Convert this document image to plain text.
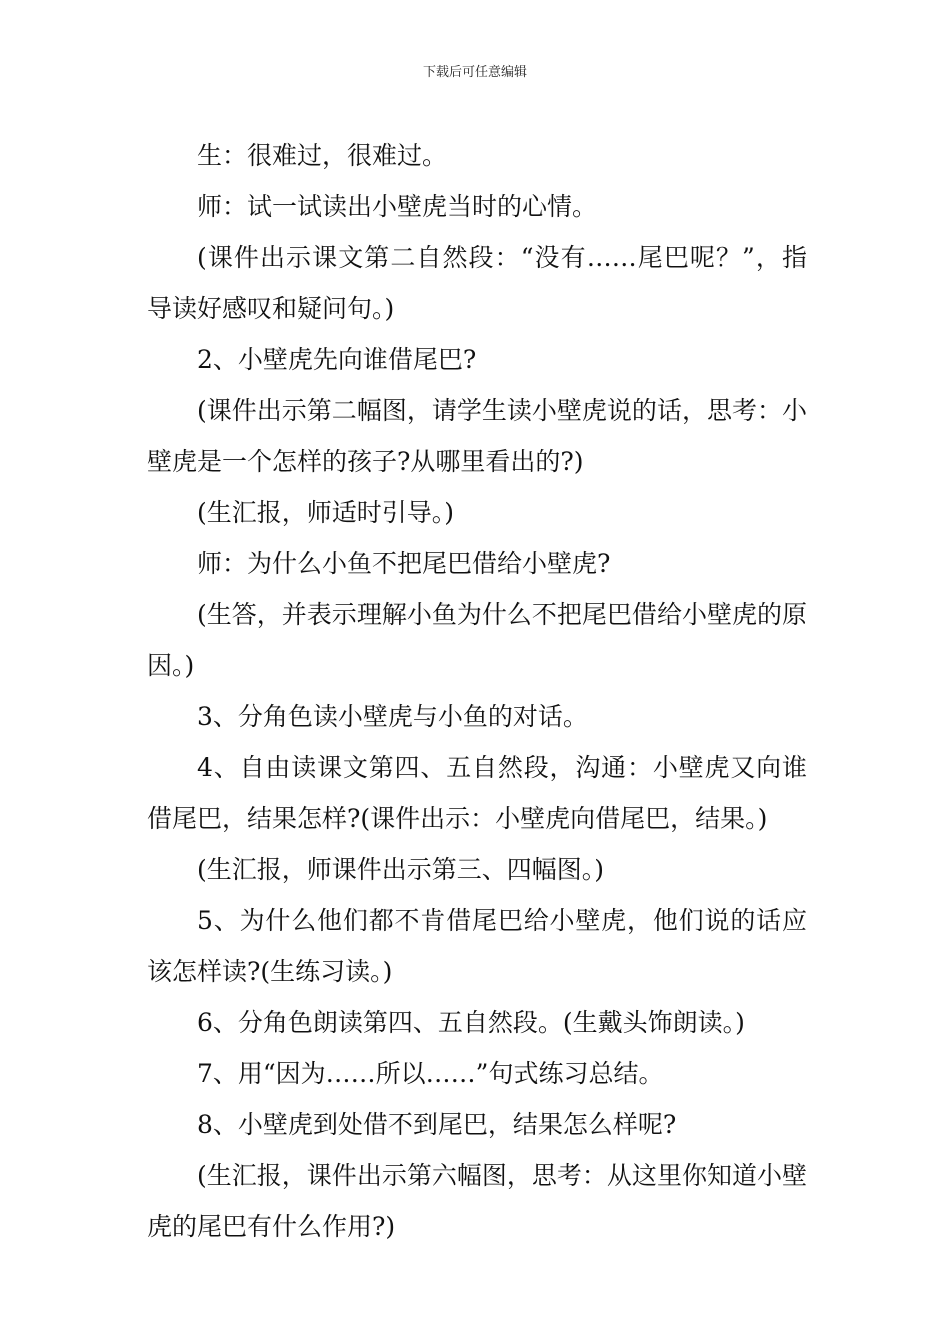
下载后可任意编辑

生：很难过，很难过。

师：试一试读出小壁虎当时的心情。

(课件出示课文第二自然段：“没有……尾巴呢？”，指导读好感叹和疑问句。)

2、小壁虎先向谁借尾巴?

(课件出示第二幅图，请学生读小壁虎说的话，思考：小壁虎是一个怎样的孩子?从哪里看出的?)

(生汇报，师适时引导。)

师：为什么小鱼不把尾巴借给小壁虎?

(生答，并表示理解小鱼为什么不把尾巴借给小壁虎的原因。)

3、分角色读小壁虎与小鱼的对话。

4、自由读课文第四、五自然段，沟通：小壁虎又向谁借尾巴，结果怎样?(课件出示：小壁虎向借尾巴，结果。)

(生汇报，师课件出示第三、四幅图。)

5、为什么他们都不肯借尾巴给小壁虎，他们说的话应该怎样读?(生练习读。)

6、分角色朗读第四、五自然段。(生戴头饰朗读。)

7、用“因为……所以……”句式练习总结。

8、小壁虎到处借不到尾巴，结果怎么样呢?

(生汇报，课件出示第六幅图，思考：从这里你知道小壁虎的尾巴有什么作用?)
